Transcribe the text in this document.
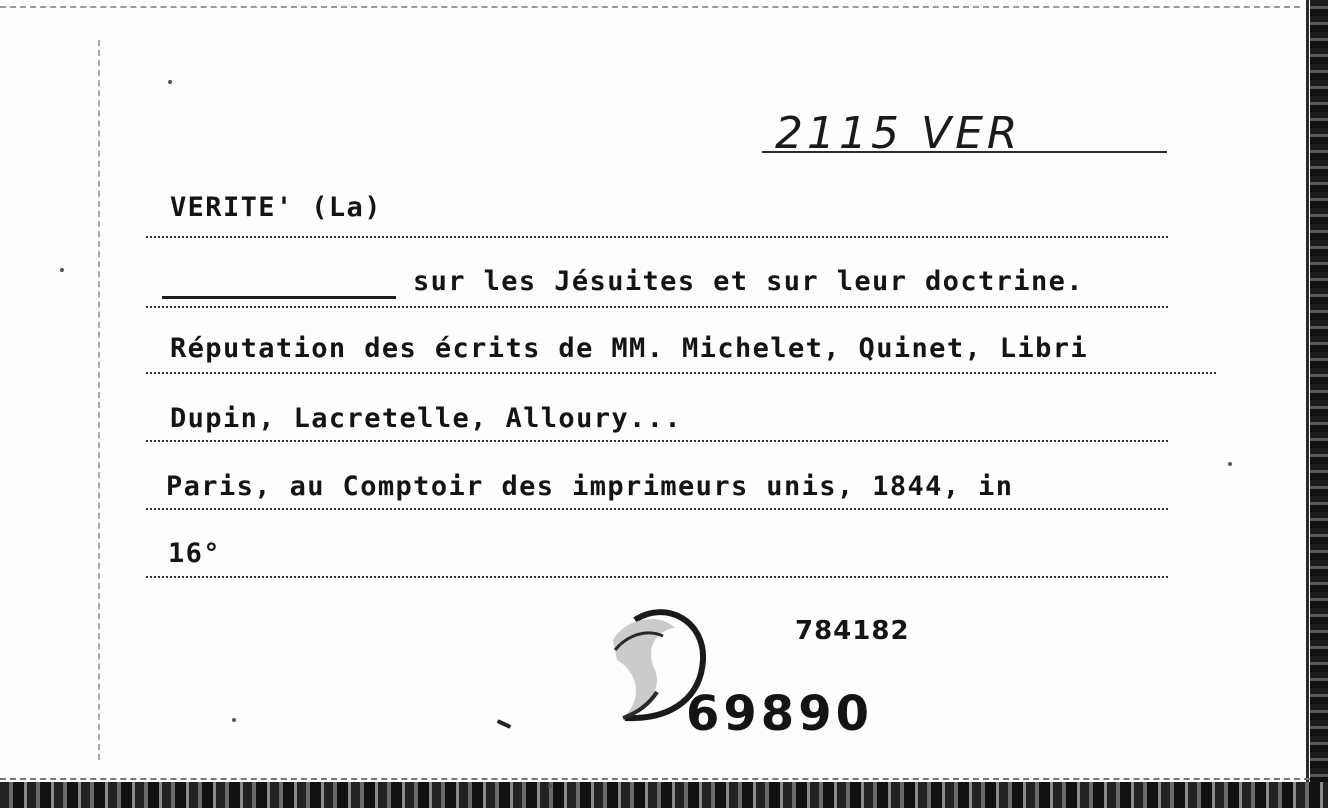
2115 VER
VERITE' (La)
sur les Jésuites et sur leur doctrine.
Réputation des écrits de MM. Michelet, Quinet, Libri
Dupin, Lacretelle, Alloury...
Paris, au Comptoir des imprimeurs unis, 1844, in
16°
784182
69890
